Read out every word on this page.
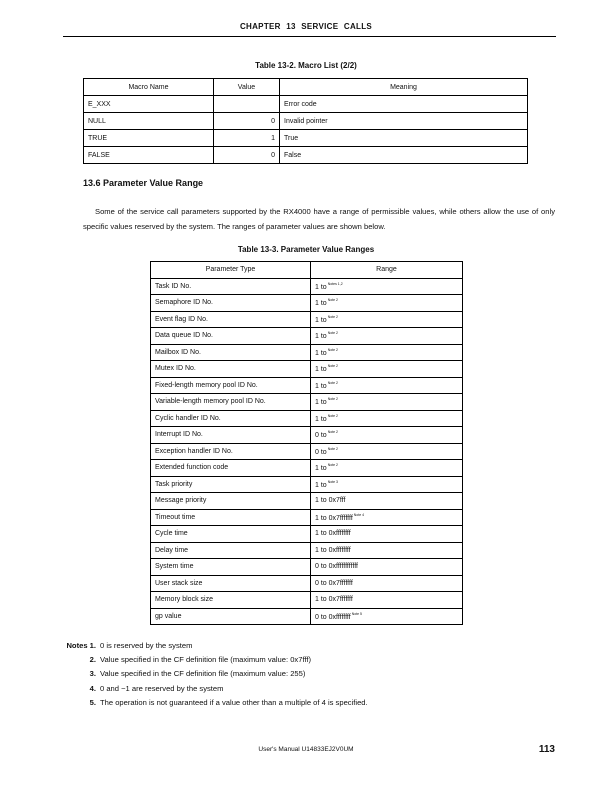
CHAPTER 13 SERVICE CALLS
Table 13-2. Macro List (2/2)
Macro Name	Value	Meaning
E_XXX		Error code
NULL	0	Invalid pointer
TRUE	1	True
FALSE	0	False
13.6 Parameter Value Range
Some of the service call parameters supported by the RX4000 have a range of permissible values, while others allow the use of only specific values reserved by the system. The ranges of parameter values are shown below.
Table 13-3. Parameter Value Ranges
Parameter Type	Range
Task ID No.	1 $to^{Notes 1,2}$
Semaphore ID No.	1 $to^{Note 2}$
Event flag ID No.	1 $to^{Note 2}$
Data queue ID No.	1 $to^{Note 2}$
Mailbox ID No.	1 $to^{Note 2}$
Mutex ID No.	1 $to^{Note 2}$
Fixed-length memory pool ID No.	1 $to^{Note 2}$
Variable-length memory pool ID No.	1 $to^{Note 2}$
Cyclic handler ID No.	1 $to^{Note 2}$
Interrupt ID No.	0 $to^{Note 2}$
Exception handler ID No.	0 $to^{Note 2}$
Extended function code	1 $to^{Note 2}$
Task priority	1 $to^{Note 3}$
Message priority	1 to 0x7fff
Timeout time	1 to 0x7fffffff$^{Note 4}$
Cycle time	1 to 0xffffffff
Delay time	1 to 0xffffffff
System time	0 to 0xffffffffffff
User stack size	0 to 0x7fffffff
Memory block size	1 to 0x7fffffff
gp value	0 to 0xffffffff$^{Note 5}$
Notes 1. 0 is reserved by the system
2. Value specified in the CF definition file (maximum value: 0x7fff)
3. Value specified in the CF definition file (maximum value: 255)
4. 0 and −1 are reserved by the system
5. The operation is not guaranteed if a value other than a multiple of 4 is specified.
User's Manual U14833EJ2V0UM	113
